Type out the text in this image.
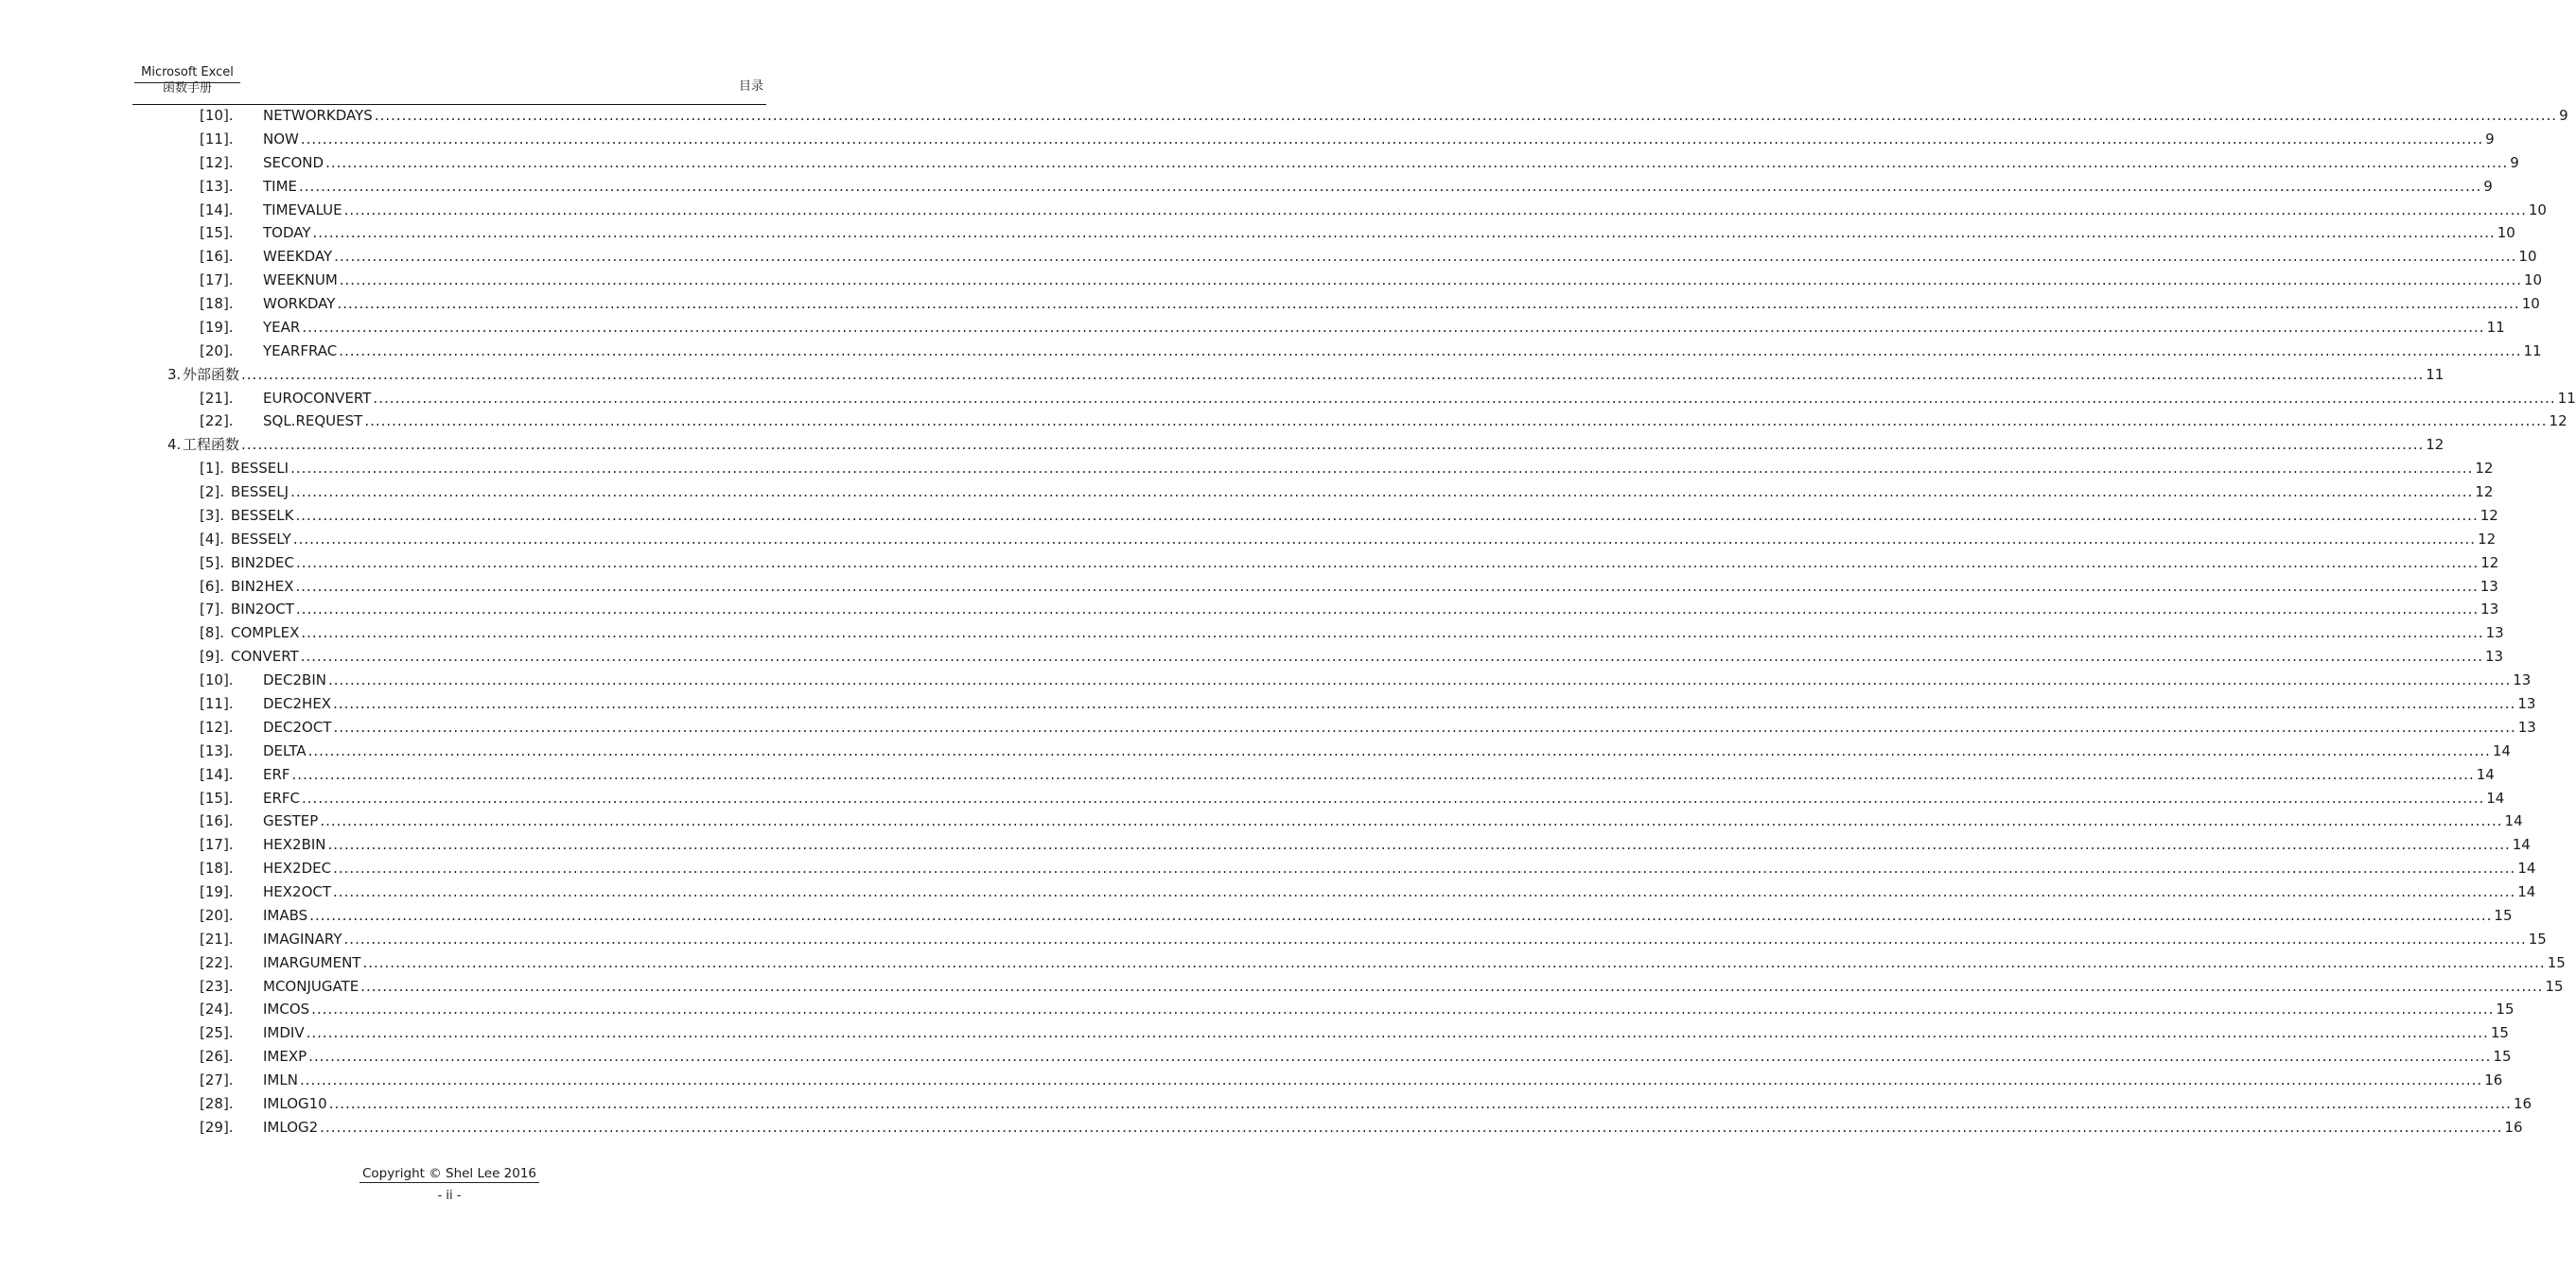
Microsoft Excel
函数手册	目录
[10].	NETWORKDAYS ................................................................................................................................................................................................................................................................................................................................................................................................................ 9
[11].	NOW ................................................................................................................................................................................................................................................................................................................................................................................................................ 9
[12].	SECOND ................................................................................................................................................................................................................................................................................................................................................................................................................ 9
[13].	TIME ................................................................................................................................................................................................................................................................................................................................................................................................................ 9
[14].	TIMEVALUE ................................................................................................................................................................................................................................................................................................................................................................................................................ 10
[15].	TODAY ................................................................................................................................................................................................................................................................................................................................................................................................................ 10
[16].	WEEKDAY ................................................................................................................................................................................................................................................................................................................................................................................................................ 10
[17].	WEEKNUM ................................................................................................................................................................................................................................................................................................................................................................................................................ 10
[18].	WORKDAY ................................................................................................................................................................................................................................................................................................................................................................................................................ 10
[19].	YEAR ................................................................................................................................................................................................................................................................................................................................................................................................................ 11
[20].	YEARFRAC ................................................................................................................................................................................................................................................................................................................................................................................................................ 11
3. 外部函数 ................................................................................................................................................................................................................................................................................................................................................................................................................ 11
[21].	EUROCONVERT ................................................................................................................................................................................................................................................................................................................................................................................................................ 11
[22].	SQL.REQUEST ................................................................................................................................................................................................................................................................................................................................................................................................................ 12
4. 工程函数 ................................................................................................................................................................................................................................................................................................................................................................................................................ 12
[1]. BESSELI ................................................................................................................................................................................................................................................................................................................................................................................................................ 12
[2]. BESSELJ ................................................................................................................................................................................................................................................................................................................................................................................................................ 12
[3]. BESSELK ................................................................................................................................................................................................................................................................................................................................................................................................................ 12
[4]. BESSELY ................................................................................................................................................................................................................................................................................................................................................................................................................ 12
[5]. BIN2DEC ................................................................................................................................................................................................................................................................................................................................................................................................................ 12
[6]. BIN2HEX ................................................................................................................................................................................................................................................................................................................................................................................................................ 13
[7]. BIN2OCT ................................................................................................................................................................................................................................................................................................................................................................................................................ 13
[8]. COMPLEX ................................................................................................................................................................................................................................................................................................................................................................................................................ 13
[9]. CONVERT ................................................................................................................................................................................................................................................................................................................................................................................................................ 13
[10].	DEC2BIN ................................................................................................................................................................................................................................................................................................................................................................................................................ 13
[11].	DEC2HEX ................................................................................................................................................................................................................................................................................................................................................................................................................ 13
[12].	DEC2OCT ................................................................................................................................................................................................................................................................................................................................................................................................................ 13
[13].	DELTA ................................................................................................................................................................................................................................................................................................................................................................................................................ 14
[14].	ERF ................................................................................................................................................................................................................................................................................................................................................................................................................ 14
[15].	ERFC ................................................................................................................................................................................................................................................................................................................................................................................................................ 14
[16].	GESTEP ................................................................................................................................................................................................................................................................................................................................................................................................................ 14
[17].	HEX2BIN ................................................................................................................................................................................................................................................................................................................................................................................................................ 14
[18].	HEX2DEC ................................................................................................................................................................................................................................................................................................................................................................................................................ 14
[19].	HEX2OCT ................................................................................................................................................................................................................................................................................................................................................................................................................ 14
[20].	IMABS ................................................................................................................................................................................................................................................................................................................................................................................................................ 15
[21].	IMAGINARY ................................................................................................................................................................................................................................................................................................................................................................................................................ 15
[22].	IMARGUMENT ................................................................................................................................................................................................................................................................................................................................................................................................................ 15
[23].	MCONJUGATE ................................................................................................................................................................................................................................................................................................................................................................................................................ 15
[24].	IMCOS ................................................................................................................................................................................................................................................................................................................................................................................................................ 15
[25].	IMDIV ................................................................................................................................................................................................................................................................................................................................................................................................................ 15
[26].	IMEXP ................................................................................................................................................................................................................................................................................................................................................................................................................ 15
[27].	IMLN ................................................................................................................................................................................................................................................................................................................................................................................................................ 16
[28].	IMLOG10 ................................................................................................................................................................................................................................................................................................................................................................................................................ 16
[29].	IMLOG2 ................................................................................................................................................................................................................................................................................................................................................................................................................ 16
Copyright © Shel Lee 2016
- ii -
